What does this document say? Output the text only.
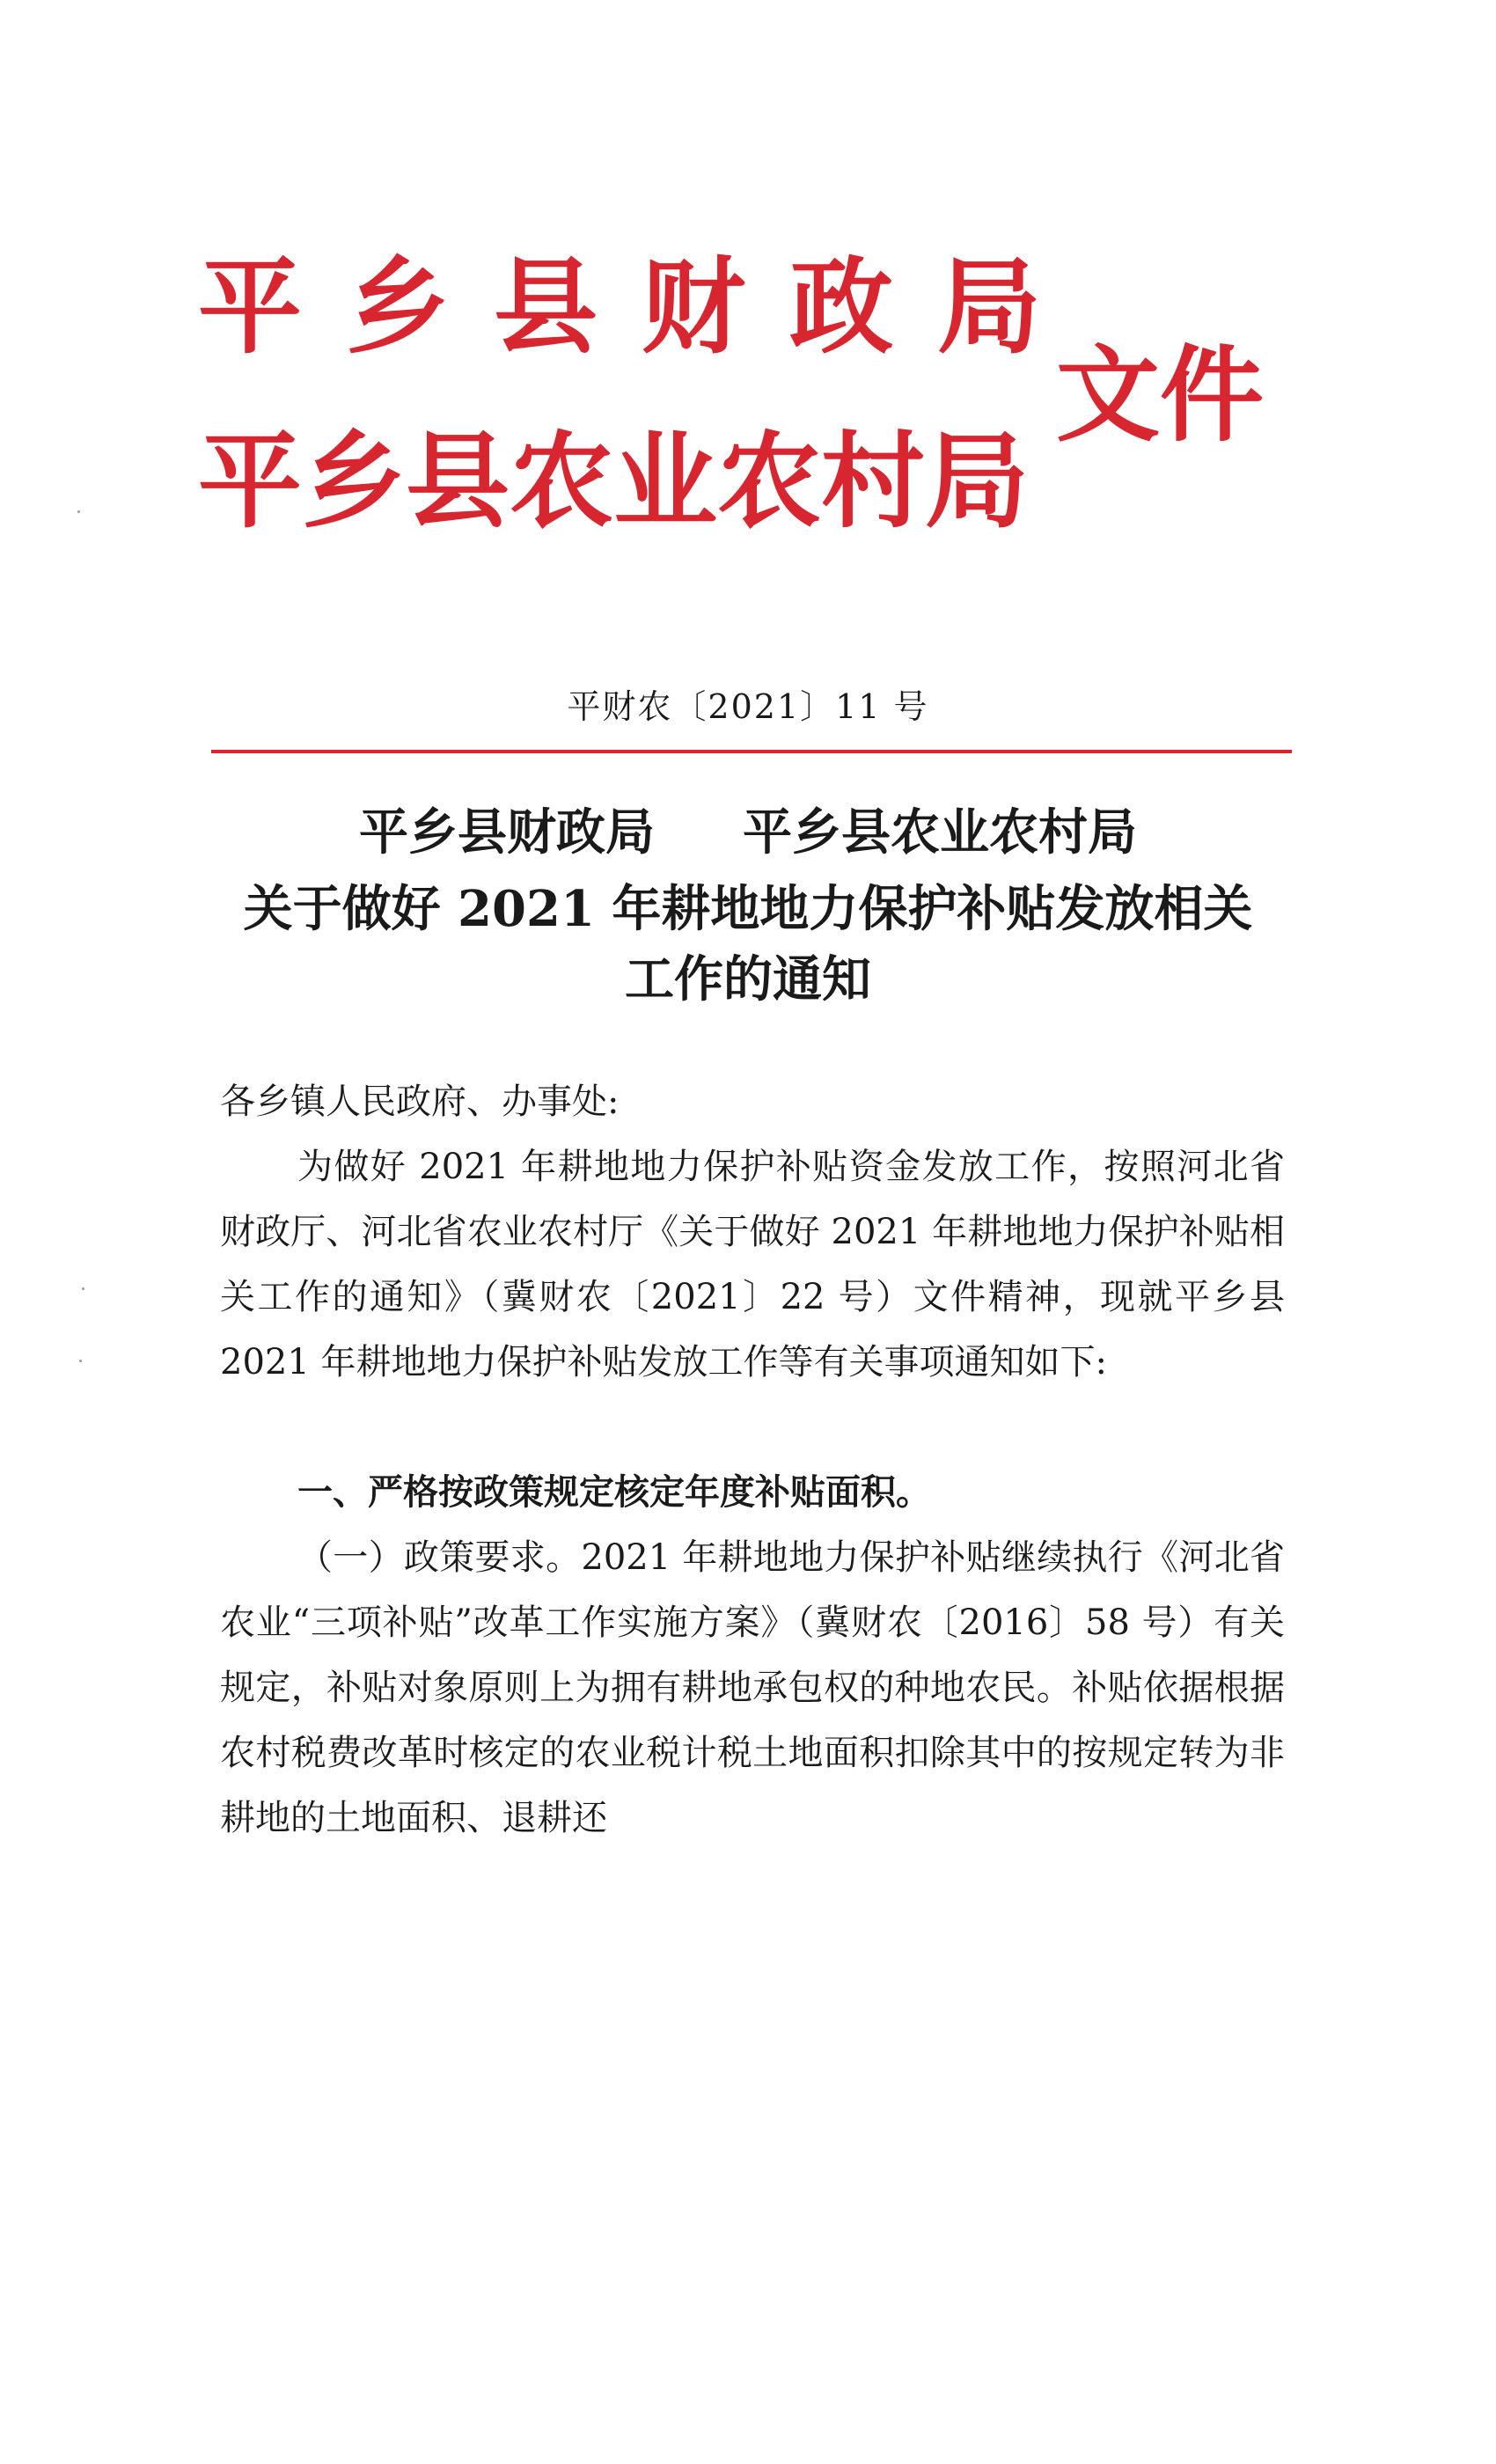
平乡县财政局
平乡县农业农村局
文件
平财农〔2021〕11 号
平乡县财政局 平乡县农业农村局
关于做好 2021 年耕地地力保护补贴发放相关
工作的通知
各乡镇人民政府、办事处:

为做好 2021 年耕地地力保护补贴资金发放工作，按照河北省财政厅、河北省农业农村厅《关于做好 2021 年耕地地力保护补贴相关工作的通知》（冀财农〔2021〕22 号）文件精神，现就平乡县 2021 年耕地地力保护补贴发放工作等有关事项通知如下:

一、严格按政策规定核定年度补贴面积。

（一）政策要求。2021 年耕地地力保护补贴继续执行《河北省农业“三项补贴”改革工作实施方案》（冀财农〔2016〕58 号）有关规定，补贴对象原则上为拥有耕地承包权的种地农民。补贴依据根据农村税费改革时核定的农业税计税土地面积扣除其中的按规定转为非耕地的土地面积、退耕还
